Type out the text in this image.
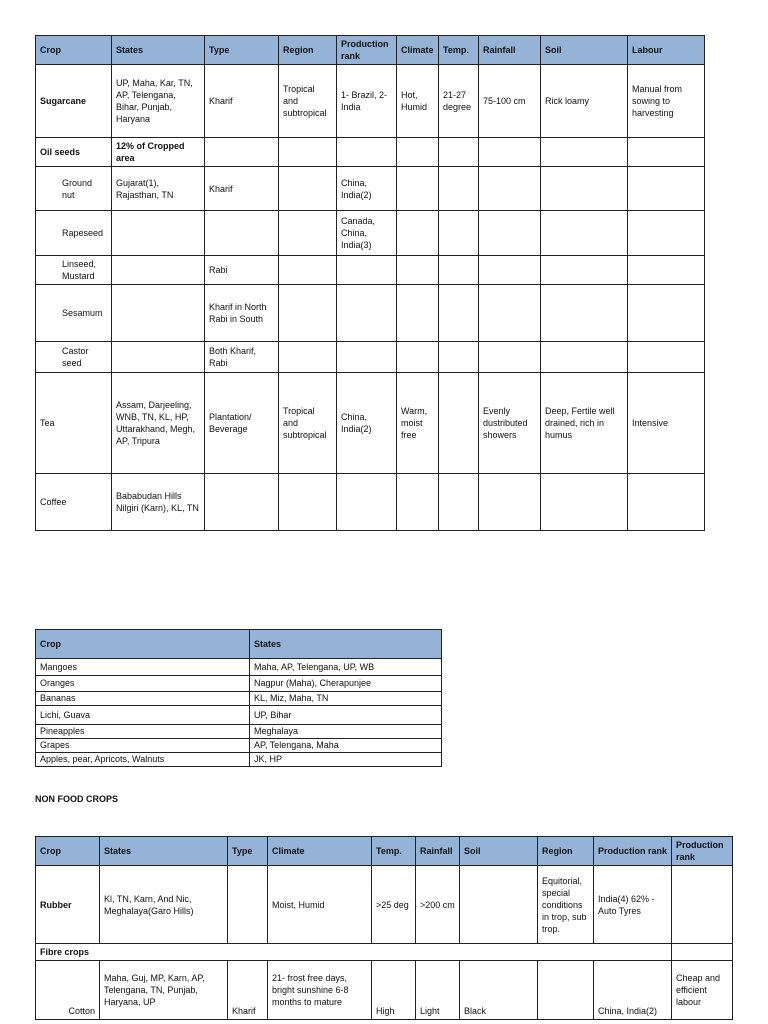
Crop	States	Type	Region	Production rank	Climate	Temp.	Rainfall	Soil	Labour
Sugarcane	UP, Maha, Kar, TN, AP, Telengana, Bihar, Punjab, Haryana	Kharif	Tropical and subtropical	1- Brazil, 2-India	Hot, Humid	21-27 degree	75-100 cm	Rick loamy	Manual from sowing to harvesting
Oil seeds	12% of Cropped area								
Ground nut	Gujarat(1), Rajasthan, TN	Kharif		China, India(2)					
Rapeseed				Canada, China, India(3)					
Linseed, Mustard		Rabi							
Sesamum		Kharif in North Rabi in South							
Castor seed		Both Kharif, Rabi							
Tea	Assam, Darjeeling, WNB, TN, KL, HP, Uttarakhand, Megh, AP, Tripura	Plantation/ Beverage	Tropical and subtropical	China, India(2)	Warm, moist free		Evenly dustributed showers	Deep, Fertile well drained, rich in humus	Intensive
Coffee	Bababudan Hills Nilgiri (Karn), KL, TN								
Crop	States
Mangoes	Maha, AP, Telengana, UP, WB
Oranges	Nagpur (Maha), Cherapunjee
Bananas	KL, Miz, Maha, TN
Lichi, Guava	UP, Bihar
Pineapples	Meghalaya
Grapes	AP, Telengana, Maha
Apples, pear, Apricots, Walnuts	JK, HP
NON FOOD CROPS
Crop	States	Type	Climate	Temp.	Rainfall	Soil	Region	Production rank	Production rank
Rubber	Kl, TN, Karn, And Nic, Meghalaya(Garo Hills)		Moist, Humid	>25 deg	>200 cm		Equitorial, special conditions in trop, sub trop.	India(4) 62% - Auto Tyres	
Fibre crops									
Cotton	Maha, Guj, MP, Karn, AP, Telengana, TN, Punjab, Haryana, UP	Kharif	21- frost free days, bright sunshine 6-8 months to mature	High	Light	Black		China, India(2)	Cheap and efficient labour
